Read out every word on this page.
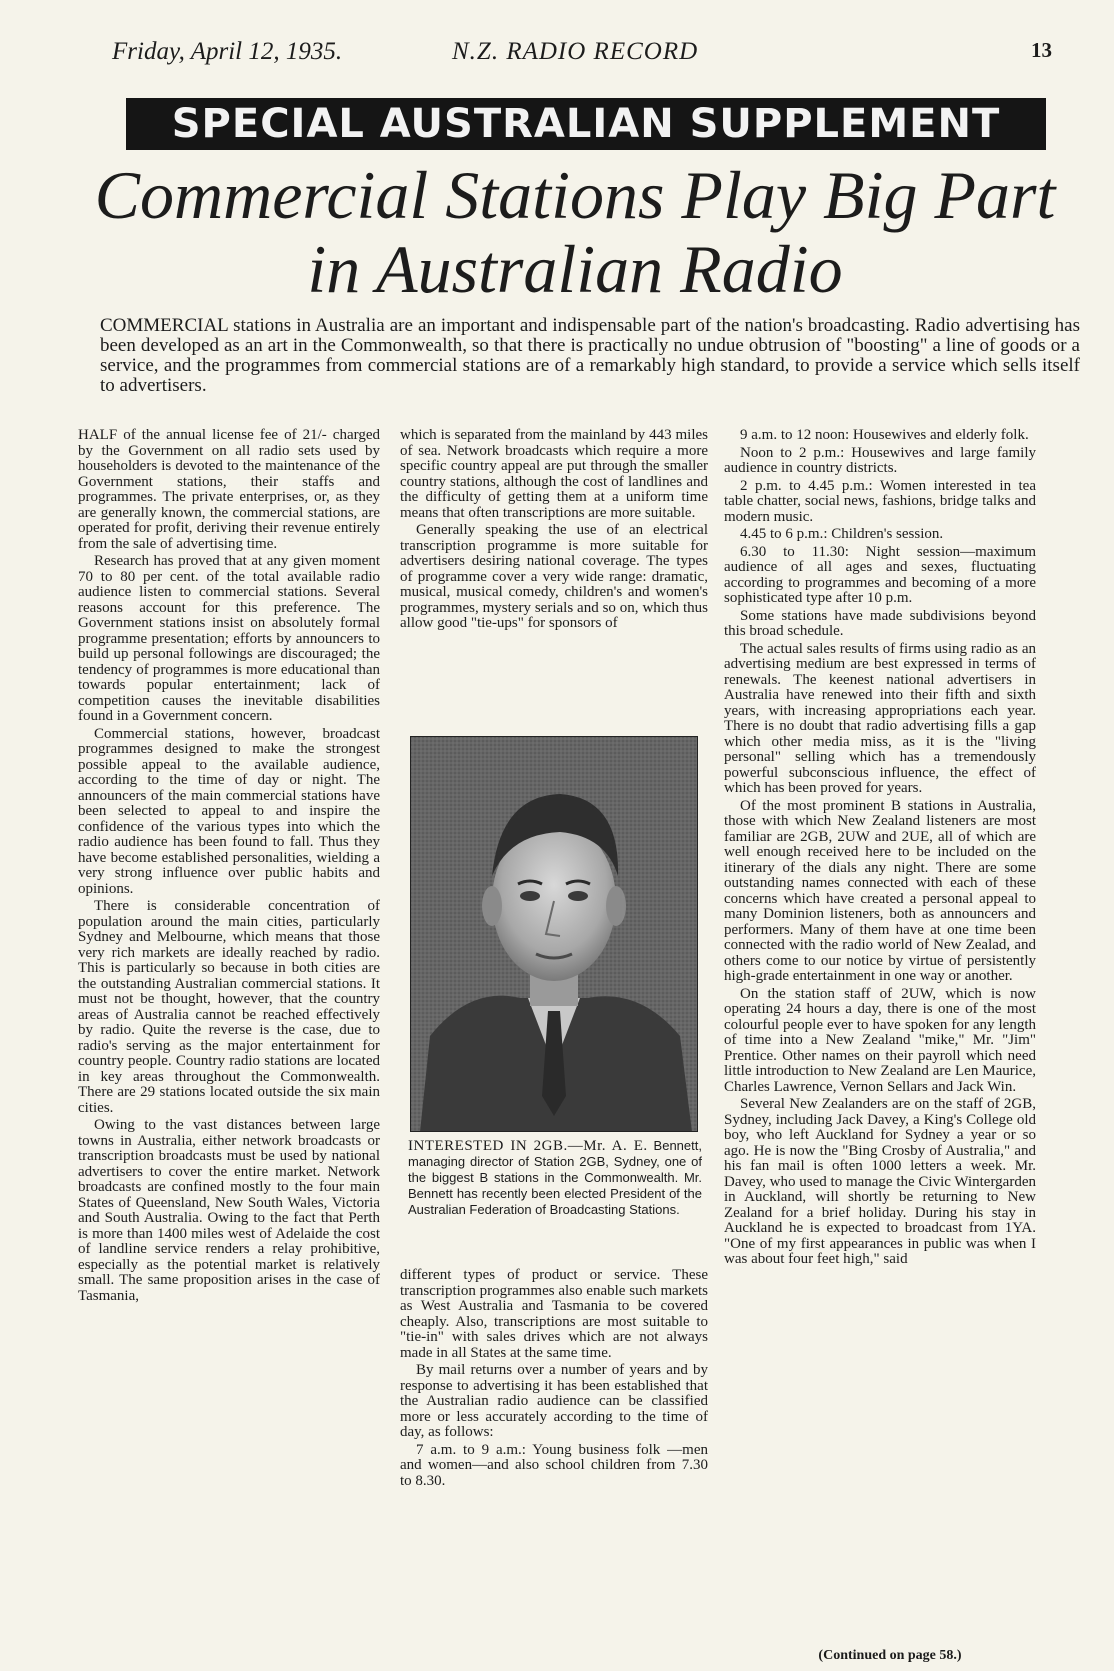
Friday, April 12, 1935.	N.Z. RADIO RECORD	13
SPECIAL AUSTRALIAN SUPPLEMENT
Commercial Stations Play Big Part in Australian Radio

COMMERCIAL stations in Australia are an important and indispensable part of the nation's broadcasting. Radio advertising has been developed as an art in the Commonwealth, so that there is practically no undue obtrusion of "boosting" a line of goods or a service, and the programmes from commercial stations are of a remarkably high standard, to provide a service which sells itself to advertisers.

HALF of the annual license fee of 21/- charged by the Government on all radio sets used by householders is devoted to the maintenance of the Government stations, their staffs and programmes. The private enterprises, or, as they are generally known, the commercial stations, are operated for profit, deriving their revenue entirely from the sale of advertising time.

Research has proved that at any given moment 70 to 80 per cent. of the total available radio audience listen to commercial stations. Several reasons account for this preference. The Government stations insist on absolutely formal programme presentation; efforts by announcers to build up personal followings are discouraged; the tendency of programmes is more educational than towards popular entertainment; lack of competition causes the inevitable disabilities found in a Government concern.

Commercial stations, however, broadcast programmes designed to make the strongest possible appeal to the available audience, according to the time of day or night. The announcers of the main commercial stations have been selected to appeal to and inspire the confidence of the various types into which the radio audience has been found to fall. Thus they have become established personalities, wielding a very strong influence over public habits and opinions.

There is considerable concentration of population around the main cities, particularly Sydney and Melbourne, which means that those very rich markets are ideally reached by radio. This is particularly so because in both cities are the outstanding Australian commercial stations. It must not be thought, however, that the country areas of Australia cannot be reached effectively by radio. Quite the reverse is the case, due to radio's serving as the major entertainment for country people. Country radio stations are located in key areas throughout the Commonwealth. There are 29 stations located outside the six main cities.

Owing to the vast distances between large towns in Australia, either network broadcasts or transcription broadcasts must be used by national advertisers to cover the entire market. Network broadcasts are confined mostly to the four main States of Queensland, New South Wales, Victoria and South Australia. Owing to the fact that Perth is more than 1400 miles west of Adelaide the cost of landline service renders a relay prohibitive, especially as the potential market is relatively small. The same proposition arises in the case of Tasmania,

which is separated from the mainland by 443 miles of sea. Network broadcasts which require a more specific country appeal are put through the smaller country stations, although the cost of landlines and the difficulty of getting them at a uniform time means that often transcriptions are more suitable.

Generally speaking the use of an electrical transcription programme is more suitable for advertisers desiring national coverage. The types of programme cover a very wide range: dramatic, musical, musical comedy, children's and women's programmes, mystery serials and so on, which thus allow good "tie-ups" for sponsors of

INTERESTED IN 2GB.—Mr. A. E. Bennett, managing director of Station 2GB, Sydney, one of the biggest B stations in the Commonwealth. Mr. Bennett has recently been elected President of the Australian Federation of Broadcasting Stations.

different types of product or service. These transcription programmes also enable such markets as West Australia and Tasmania to be covered cheaply. Also, transcriptions are most suitable to "tie-in" with sales drives which are not always made in all States at the same time.

By mail returns over a number of years and by response to advertising it has been established that the Australian radio audience can be classified more or less accurately according to the time of day, as follows:

7 a.m. to 9 a.m.: Young business folk —men and women—and also school children from 7.30 to 8.30.

9 a.m. to 12 noon: Housewives and elderly folk.

Noon to 2 p.m.: Housewives and large family audience in country districts.

2 p.m. to 4.45 p.m.: Women interested in tea table chatter, social news, fashions, bridge talks and modern music.

4.45 to 6 p.m.: Children's session.

6.30 to 11.30: Night session—maximum audience of all ages and sexes, fluctuating according to programmes and becoming of a more sophisticated type after 10 p.m.

Some stations have made subdivisions beyond this broad schedule.

The actual sales results of firms using radio as an advertising medium are best expressed in terms of renewals. The keenest national advertisers in Australia have renewed into their fifth and sixth years, with increasing appropriations each year. There is no doubt that radio advertising fills a gap which other media miss, as it is the "living personal" selling which has a tremendously powerful subconscious influence, the effect of which has been proved for years.

Of the most prominent B stations in Australia, those with which New Zealand listeners are most familiar are 2GB, 2UW and 2UE, all of which are well enough received here to be included on the itinerary of the dials any night. There are some outstanding names connected with each of these concerns which have created a personal appeal to many Dominion listeners, both as announcers and performers. Many of them have at one time been connected with the radio world of New Zealad, and others come to our notice by virtue of persistently high-grade entertainment in one way or another.

On the station staff of 2UW, which is now operating 24 hours a day, there is one of the most colourful people ever to have spoken for any length of time into a New Zealand "mike," Mr. "Jim" Prentice. Other names on their payroll which need little introduction to New Zealand are Len Maurice, Charles Lawrence, Vernon Sellars and Jack Win.

Several New Zealanders are on the staff of 2GB, Sydney, including Jack Davey, a King's College old boy, who left Auckland for Sydney a year or so ago. He is now the "Bing Crosby of Australia," and his fan mail is often 1000 letters a week. Mr. Davey, who used to manage the Civic Wintergarden in Auckland, will shortly be returning to New Zealand for a brief holiday. During his stay in Auckland he is expected to broadcast from 1YA. "One of my first appearances in public was when I was about four feet high," said

(Continued on page 58.)
